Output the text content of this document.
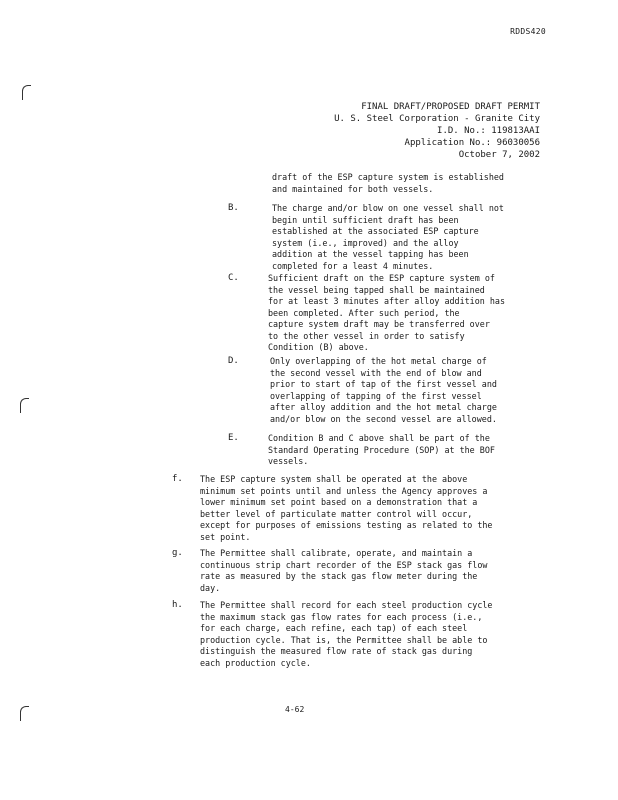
RDDS420
FINAL DRAFT/PROPOSED DRAFT PERMIT
U. S. Steel Corporation - Granite City
I.D. No.: 119813AAI
Application No.: 96030056
October 7, 2002
draft of the ESP capture system is established
and maintained for both vessels.
B.	The charge and/or blow on one vessel shall not
begin until sufficient draft has been
established at the associated ESP capture
system (i.e., improved) and the alloy
addition at the vessel tapping has been
completed for a least 4 minutes.
C.	Sufficient draft on the ESP capture system of
the vessel being tapped shall be maintained
for at least 3 minutes after alloy addition has
been completed. After such period, the
capture system draft may be transferred over
to the other vessel in order to satisfy
Condition (B) above.
D.	Only overlapping of the hot metal charge of
the second vessel with the end of blow and
prior to start of tap of the first vessel and
overlapping of tapping of the first vessel
after alloy addition and the hot metal charge
and/or blow on the second vessel are allowed.
E.	Condition B and C above shall be part of the
Standard Operating Procedure (SOP) at the BOF
vessels.
f. The ESP capture system shall be operated at the above
minimum set points until and unless the Agency approves a
lower minimum set point based on a demonstration that a
better level of particulate matter control will occur,
except for purposes of emissions testing as related to the
set point.
g. The Permittee shall calibrate, operate, and maintain a
continuous strip chart recorder of the ESP stack gas flow
rate as measured by the stack gas flow meter during the
day.
h. The Permittee shall record for each steel production cycle
the maximum stack gas flow rates for each process (i.e.,
for each charge, each refine, each tap) of each steel
production cycle. That is, the Permittee shall be able to
distinguish the measured flow rate of stack gas during
each production cycle.
4-62
